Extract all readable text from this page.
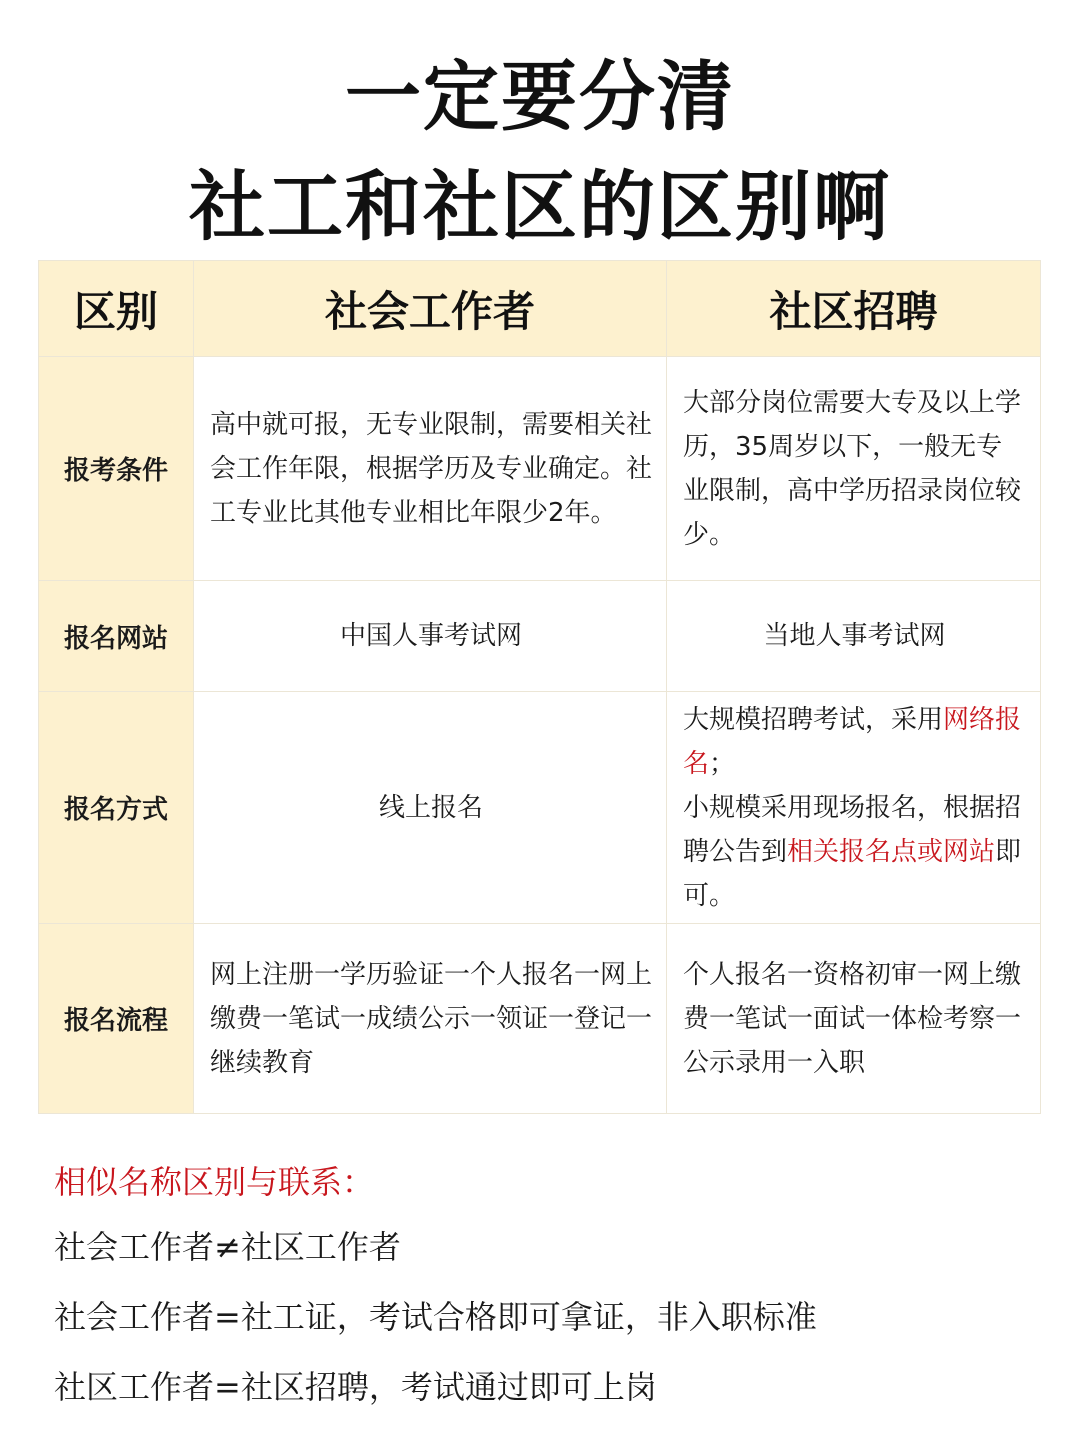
一定要分清
社工和社区的区别啊
区别	社会工作者	社区招聘
报考条件	高中就可报，无专业限制，需要相关社会工作年限，根据学历及专业确定。社工专业比其他专业相比年限少2年。	大部分岗位需要大专及以上学历，35周岁以下，一般无专业限制，高中学历招录岗位较少。
报名网站	中国人事考试网	当地人事考试网
报名方式	线上报名	大规模招聘考试，采用网络报名；
小规模采用现场报名，根据招聘公告到相关报名点或网站即可。
报名流程	网上注册一学历验证一个人报名一网上缴费一笔试一成绩公示一领证一登记一继续教育	个人报名一资格初审一网上缴费一笔试一面试一体检考察一公示录用一入职
相似名称区别与联系：
社会工作者≠社区工作者
社会工作者=社工证，考试合格即可拿证，非入职标准
社区工作者=社区招聘，考试通过即可上岗
